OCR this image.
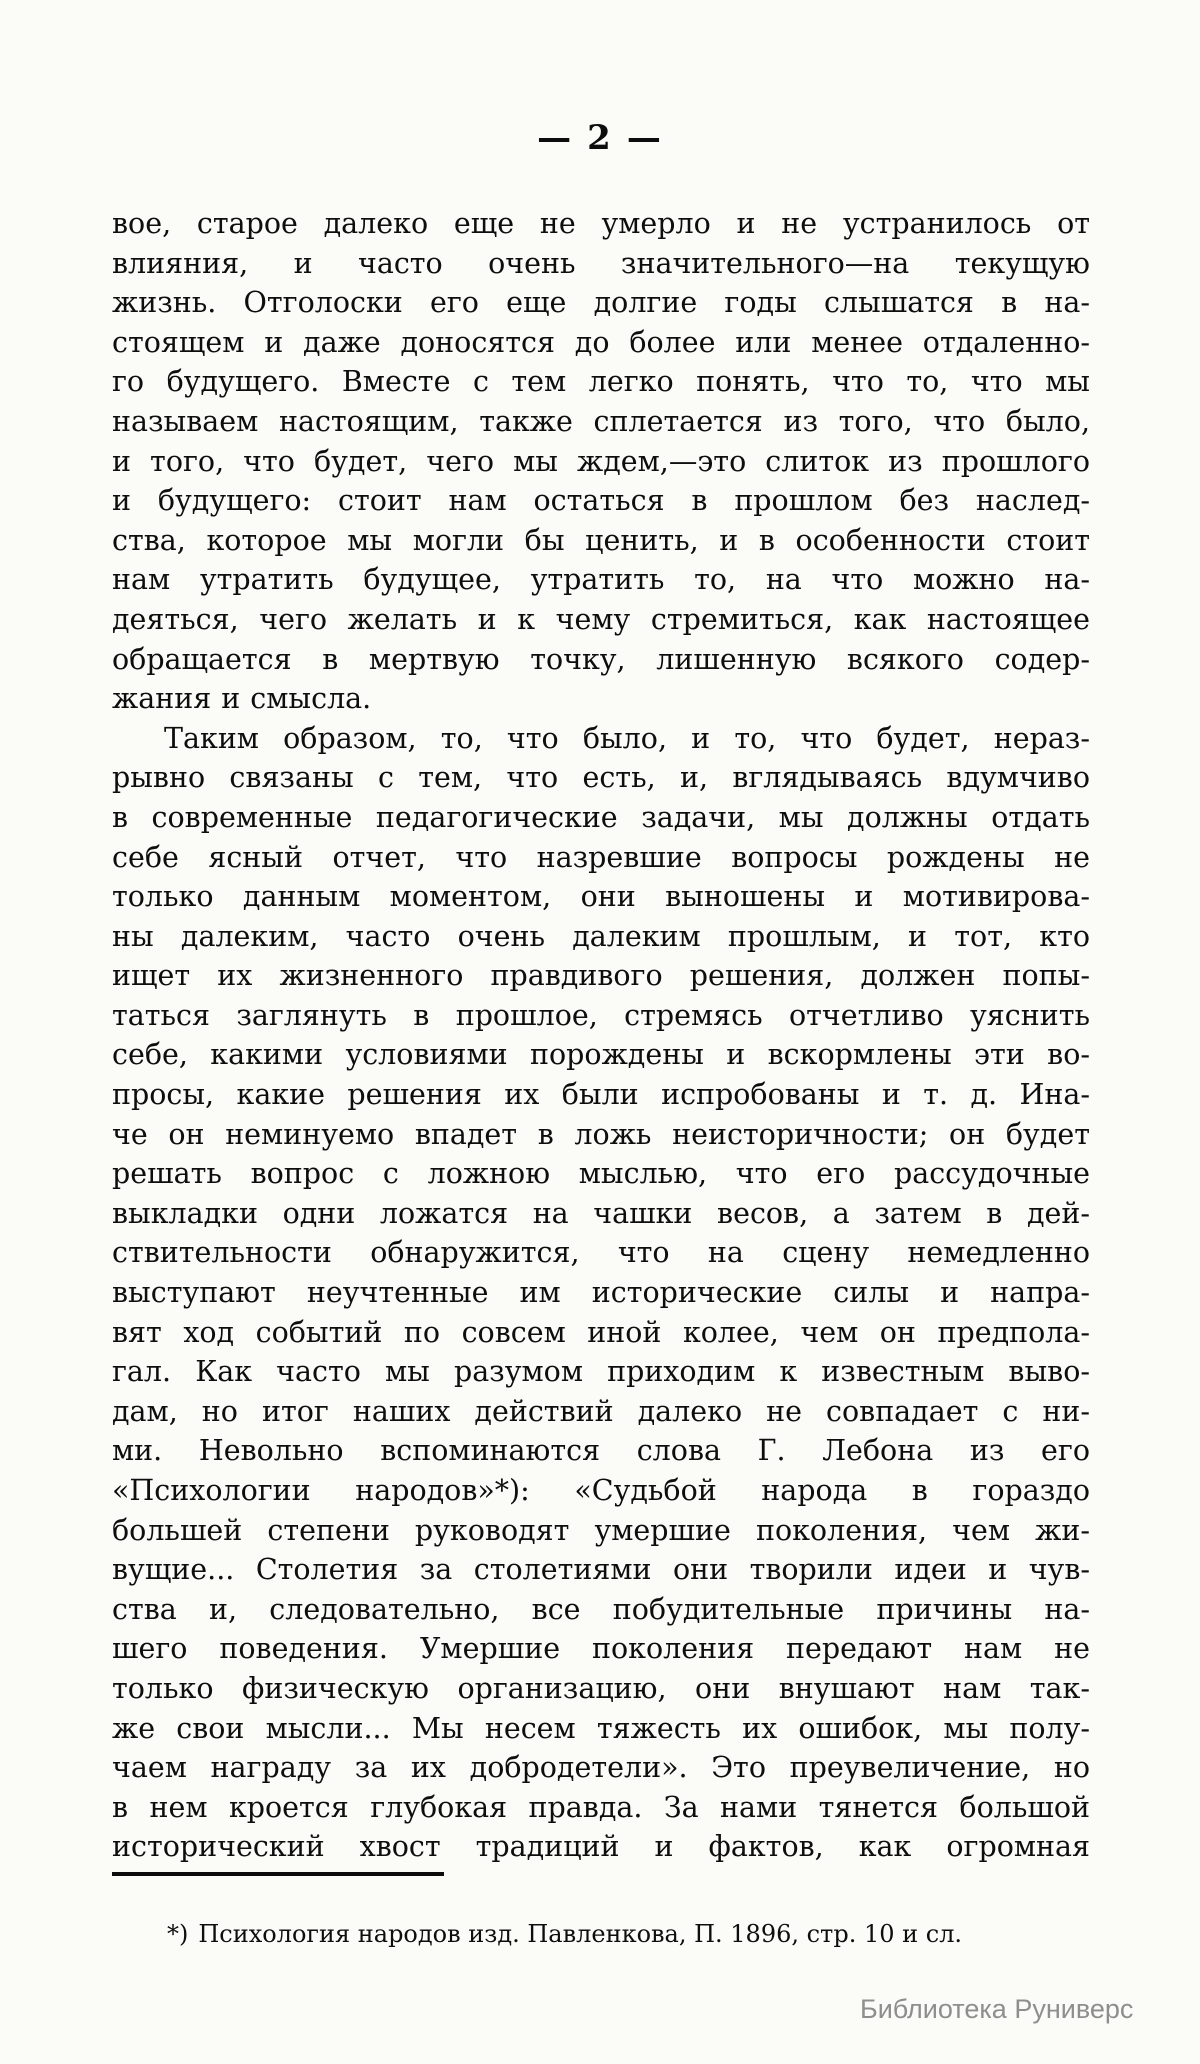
— 2 —
вое, старое далеко еще не умерло и не устранилось от
влияния, и часто очень значительного—на текущую
жизнь. Отголоски его еще долгие годы слышатся в на-
стоящем и даже доносятся до более или менее отдаленно-
го будущего. Вместе с тем легко понять, что то, что мы
называем настоящим, также сплетается из того, что было,
и того, что будет, чего мы ждем,—это слиток из прошлого
и будущего: стоит нам остаться в прошлом без наслед-
ства, которое мы могли бы ценить, и в особенности стоит
нам утратить будущее, утратить то, на что можно на-
деяться, чего желать и к чему стремиться, как настоящее
обращается в мертвую точку, лишенную всякого содер-
жания и смысла.
Таким образом, то, что было, и то, что будет, нераз-
рывно связаны с тем, что есть, и, вглядываясь вдумчиво
в современные педагогические задачи, мы должны отдать
себе ясный отчет, что назревшие вопросы рождены не
только данным моментом, они выношены и мотивирова-
ны далеким, часто очень далеким прошлым, и тот, кто
ищет их жизненного правдивого решения, должен попы-
таться заглянуть в прошлое, стремясь отчетливо уяснить
себе, какими условиями порождены и вскормлены эти во-
просы, какие решения их были испробованы и т. д. Ина-
че он неминуемо впадет в ложь неисторичности; он будет
решать вопрос с ложною мыслью, что его рассудочные
выкладки одни ложатся на чашки весов, а затем в дей-
ствительности обнаружится, что на сцену немедленно
выступают неучтенные им исторические силы и напра-
вят ход событий по совсем иной колее, чем он предпола-
гал. Как часто мы разумом приходим к известным выво-
дам, но итог наших действий далеко не совпадает с ни-
ми. Невольно вспоминаются слова Г. Лебона из его
«Психологии народов»*): «Судьбой народа в гораздо
большей степени руководят умершие поколения, чем жи-
вущие... Столетия за столетиями они творили идеи и чув-
ства и, следовательно, все побудительные причины на-
шего поведения. Умершие поколения передают нам не
только физическую организацию, они внушают нам так-
же свои мысли... Мы несем тяжесть их ошибок, мы полу-
чаем награду за их добродетели». Это преувеличение, но
в нем кроется глубокая правда. За нами тянется большой
исторический хвост традиций и фактов, как огромная
*) Психология народов изд. Павленкова, П. 1896, стр. 10 и сл.
Библиотека Руниверс
